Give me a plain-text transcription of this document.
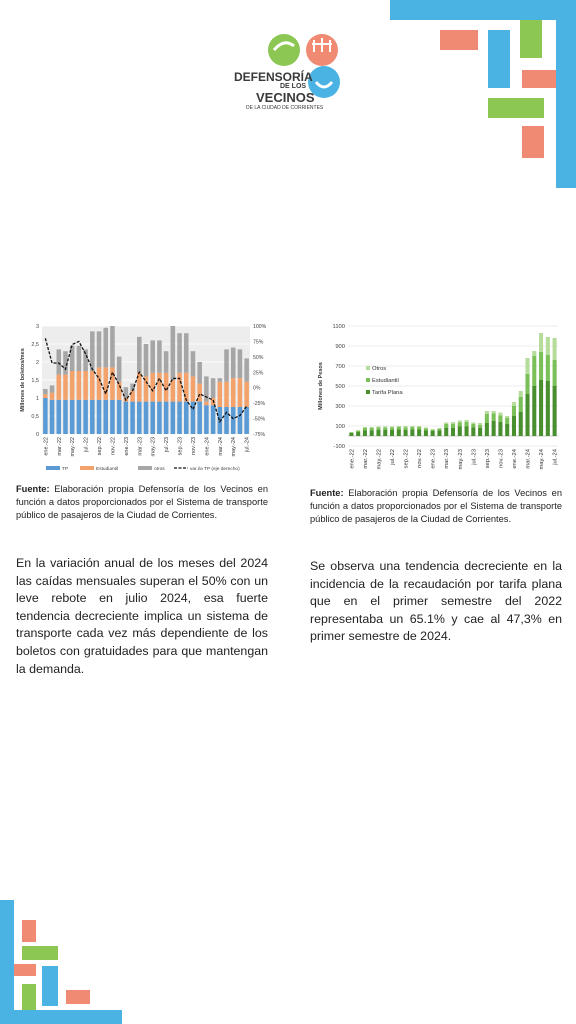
DEFENSORÍA
DE LOS
VECINOS
DE LA CIUDAD DE CORRIENTES
0
0,5
1
1,5
2
2,5
3
-75%
-50%
-25%
0%
25%
50%
75%
100%
ene.-22 mar.-22 may.-22 jul.-22 sep.-22 nov.-22 ene.-23 mar.-23 may.-23 jul.-23 sep.-23 nov.-23 ene.-24 mar.-24 may.-24 jul.-24
Millones de boletos/mes
TP	Estudiantil	otros	var.i/a TP (eje derecho)
-100
100
300
500
700
900
1100
ene.-22 mar.-22 may.-22 jul.-22 sep.-22 nov.-22 ene.-23 mar.-23 may.-23 jul.-23 sep.-23 nov.-23 ene.-24 mar.-24 may.-24 jul.-24
Millones de Pesos	Otros
Estudiantil
Tarifa Plana
Fuente: Elaboración propia Defensoría de los Vecinos en función a datos proporcionados por el Sistema de transporte público de pasajeros de la Ciudad de Corrientes.
Fuente: Elaboración propia Defensoría de los Vecinos en función a datos proporcionados por el Sistema de transporte público de pasajeros de la Ciudad de Corrientes.
En la variación anual de los meses del 2024 las caídas mensuales superan el 50% con un leve rebote en julio 2024, esa fuerte tendencia decreciente implica un sistema de transporte cada vez más dependiente de los boletos con gratuidades para que mantengan la demanda.
Se observa una tendencia decreciente en la incidencia de la recaudación por tarifa plana que en el primer semestre del 2022 representaba un 65.1% y cae al 47,3% en primer semestre de 2024.
